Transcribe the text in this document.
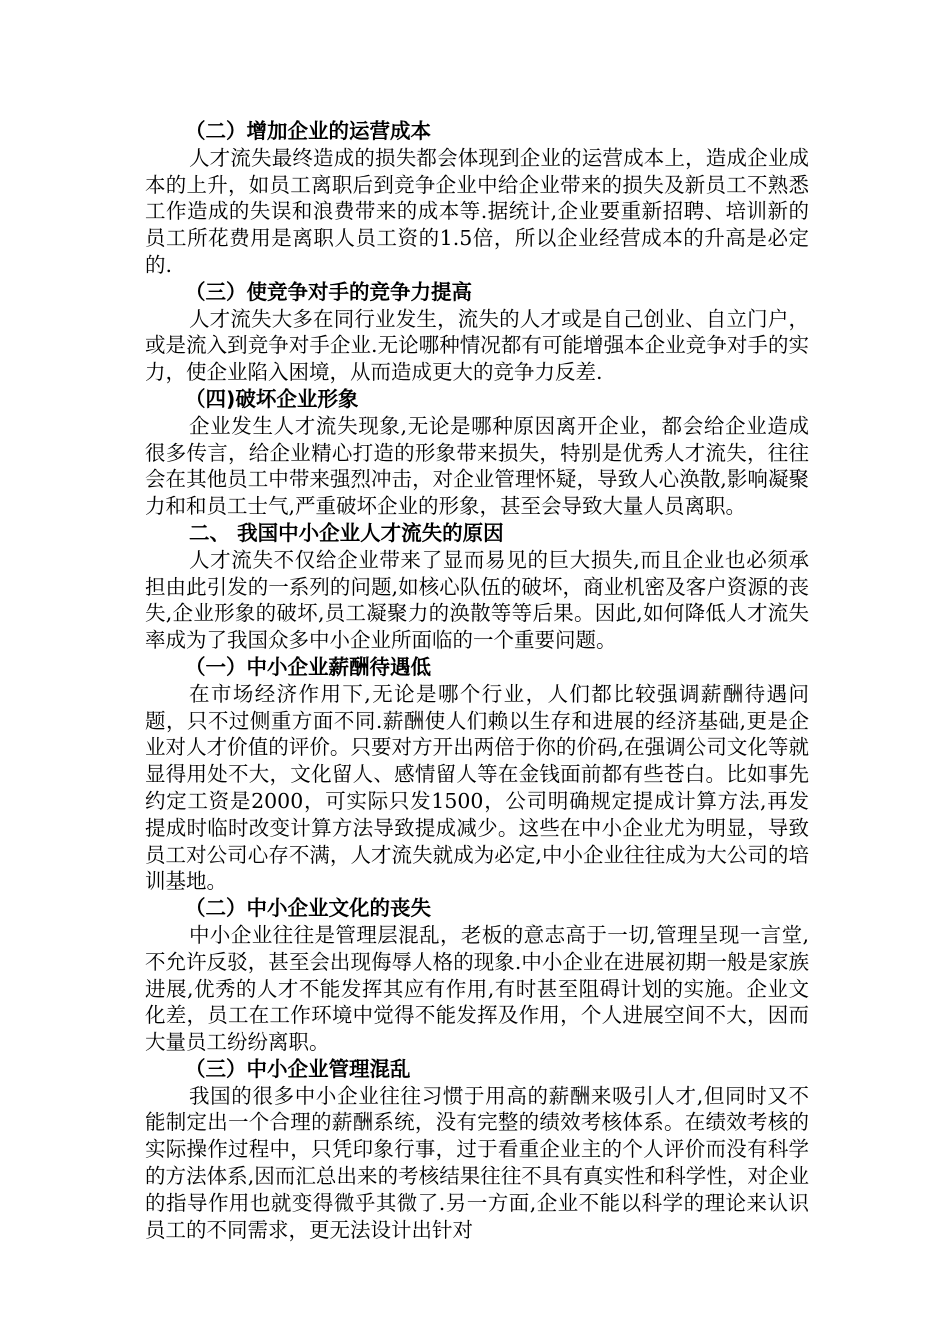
（二）增加企业的运营成本

人才流失最终造成的损失都会体现到企业的运营成本上，造成企业成本的上升，如员工离职后到竞争企业中给企业带来的损失及新员工不熟悉工作造成的失误和浪费带来的成本等.据统计,企业要重新招聘、培训新的员工所花费用是离职人员工资的1.5倍，所以企业经营成本的升高是必定的.

（三）使竞争对手的竞争力提高

人才流失大多在同行业发生，流失的人才或是自己创业、自立门户，或是流入到竞争对手企业.无论哪种情况都有可能增强本企业竞争对手的实力，使企业陷入困境，从而造成更大的竞争力反差.

（四)破坏企业形象

企业发生人才流失现象,无论是哪种原因离开企业，都会给企业造成很多传言，给企业精心打造的形象带来损失，特别是优秀人才流失，往往会在其他员工中带来强烈冲击，对企业管理怀疑，导致人心涣散,影响凝聚力和和员工士气,严重破坏企业的形象，甚至会导致大量人员离职。

二、 我国中小企业人才流失的原因

人才流失不仅给企业带来了显而易见的巨大损失,而且企业也必须承担由此引发的一系列的问题,如核心队伍的破坏，商业机密及客户资源的丧失,企业形象的破坏,员工凝聚力的涣散等等后果。因此,如何降低人才流失率成为了我国众多中小企业所面临的一个重要问题。

（一）中小企业薪酬待遇低

在市场经济作用下,无论是哪个行业，人们都比较强调薪酬待遇问题，只不过侧重方面不同.薪酬使人们赖以生存和进展的经济基础,更是企业对人才价值的评价。只要对方开出两倍于你的价码,在强调公司文化等就显得用处不大，文化留人、感情留人等在金钱面前都有些苍白。比如事先约定工资是2000，可实际只发1500，公司明确规定提成计算方法,再发提成时临时改变计算方法导致提成减少。这些在中小企业尤为明显，导致员工对公司心存不满，人才流失就成为必定,中小企业往往成为大公司的培训基地。

（二）中小企业文化的丧失

中小企业往往是管理层混乱，老板的意志高于一切,管理呈现一言堂,不允许反驳，甚至会出现侮辱人格的现象.中小企业在进展初期一般是家族进展,优秀的人才不能发挥其应有作用,有时甚至阻碍计划的实施。企业文化差，员工在工作环境中觉得不能发挥及作用，个人进展空间不大，因而大量员工纷纷离职。

（三）中小企业管理混乱

我国的很多中小企业往往习惯于用高的薪酬来吸引人才,但同时又不能制定出一个合理的薪酬系统，没有完整的绩效考核体系。在绩效考核的实际操作过程中，只凭印象行事，过于看重企业主的个人评价而没有科学的方法体系,因而汇总出来的考核结果往往不具有真实性和科学性，对企业的指导作用也就变得微乎其微了.另一方面,企业不能以科学的理论来认识员工的不同需求，更无法设计出针对
